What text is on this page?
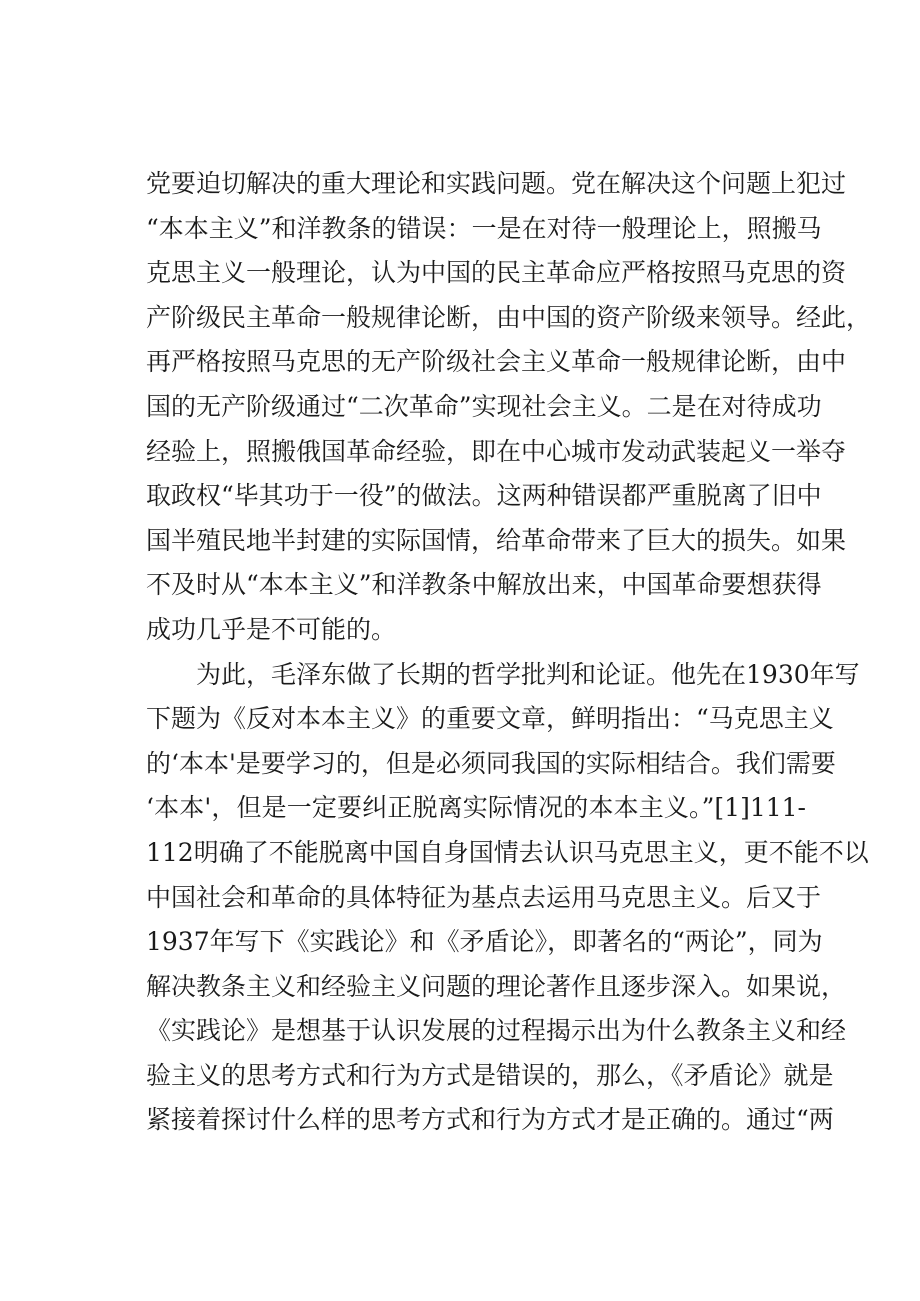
党要迫切解决的重大理论和实践问题。党在解决这个问题上犯过
“本本主义”和洋教条的错误：一是在对待一般理论上，照搬马
克思主义一般理论，认为中国的民主革命应严格按照马克思的资
产阶级民主革命一般规律论断，由中国的资产阶级来领导。经此，
再严格按照马克思的无产阶级社会主义革命一般规律论断，由中
国的无产阶级通过“二次革命”实现社会主义。二是在对待成功
经验上，照搬俄国革命经验，即在中心城市发动武装起义一举夺
取政权“毕其功于一役”的做法。这两种错误都严重脱离了旧中
国半殖民地半封建的实际国情，给革命带来了巨大的损失。如果
不及时从“本本主义”和洋教条中解放出来，中国革命要想获得
成功几乎是不可能的。
为此，毛泽东做了长期的哲学批判和论证。他先在1930年写
下题为《反对本本主义》的重要文章，鲜明指出：“马克思主义
的‘本本'是要学习的，但是必须同我国的实际相结合。我们需要
‘本本'，但是一定要纠正脱离实际情况的本本主义。”[1]111-
112明确了不能脱离中国自身国情去认识马克思主义，更不能不以
中国社会和革命的具体特征为基点去运用马克思主义。后又于
1937年写下《实践论》和《矛盾论》，即著名的“两论”，同为
解决教条主义和经验主义问题的理论著作且逐步深入。如果说，
《实践论》是想基于认识发展的过程揭示出为什么教条主义和经
验主义的思考方式和行为方式是错误的，那么，《矛盾论》就是
紧接着探讨什么样的思考方式和行为方式才是正确的。通过“两
